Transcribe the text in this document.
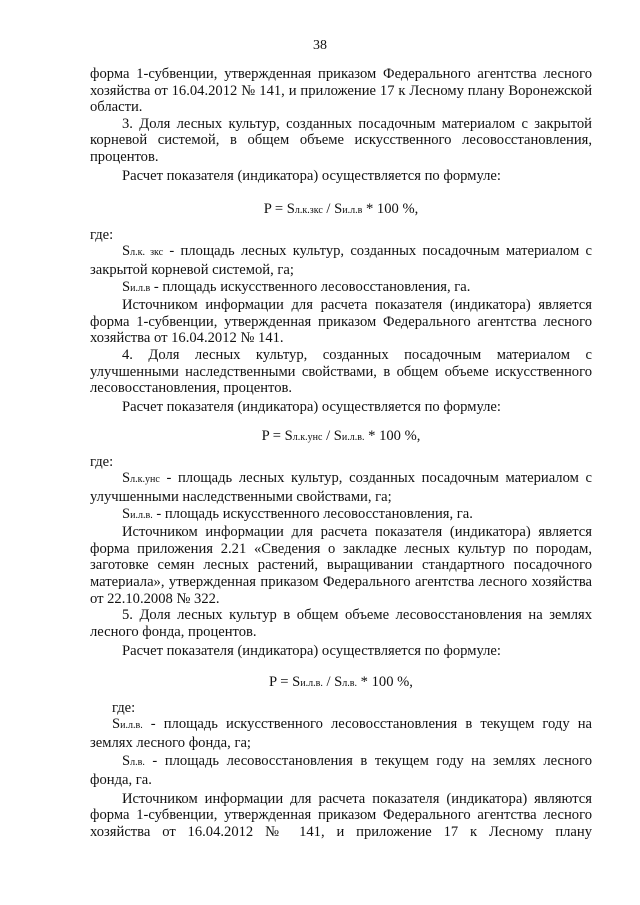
38

форма 1-субвенции, утвержденная приказом Федерального агентства лесного хозяйства от 16.04.2012 № 141, и приложение 17 к Лесному плану Воронежской области.

3. Доля лесных культур, созданных посадочным материалом с закрытой корневой системой, в общем объеме искусственного лесовосстановления, процентов.

Расчет показателя (индикатора) осуществляется по формуле:

P = Sл.к.зкс / Sи.л.в * 100 %,

где:

Sл.к. зкс - площадь лесных культур, созданных посадочным материалом с закрытой корневой системой, га;

Sи.л.в - площадь искусственного лесовосстановления, га.

Источником информации для расчета показателя (индикатора) является форма 1-субвенции, утвержденная приказом Федерального агентства лесного хозяйства от 16.04.2012 № 141.

4. Доля лесных культур, созданных посадочным материалом с улучшенными наследственными свойствами, в общем объеме искусственного лесовосстановления, процентов.

Расчет показателя (индикатора) осуществляется по формуле:

P = Sл.к.унс / Sи.л.в. * 100 %,

где:

Sл.к.унс - площадь лесных культур, созданных посадочным материалом с улучшенными наследственными свойствами, га;

Sи.л.в. - площадь искусственного лесовосстановления, га.

Источником информации для расчета показателя (индикатора) является форма приложения 2.21 «Сведения о закладке лесных культур по породам, заготовке семян лесных растений, выращивании стандартного посадочного материала», утвержденная приказом Федерального агентства лесного хозяйства от 22.10.2008 № 322.

5. Доля лесных культур в общем объеме лесовосстановления на землях лесного фонда, процентов.

Расчет показателя (индикатора) осуществляется по формуле:

P = Sи.л.в. / Sл.в. * 100 %,

где:

Sи.л.в. - площадь искусственного лесовосстановления в текущем году на землях лесного фонда, га;

Sл.в. - площадь лесовосстановления в текущем году на землях лесного фонда, га.

Источником информации для расчета показателя (индикатора) являются форма 1-субвенции, утвержденная приказом Федерального агентства лесного хозяйства от 16.04.2012 № 141, и приложение 17 к Лесному плану
